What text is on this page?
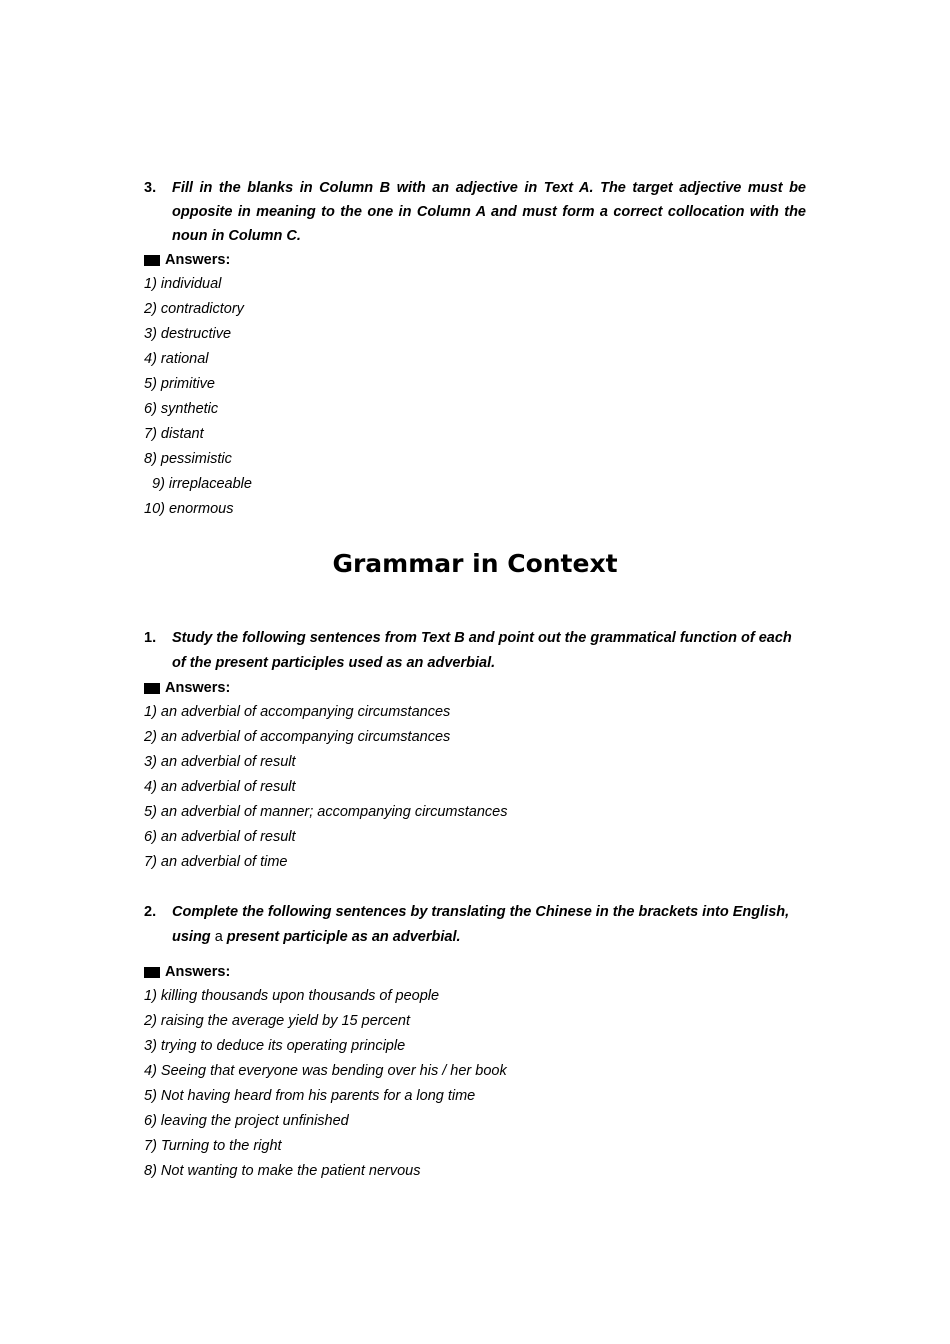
3. Fill in the blanks in Column B with an adjective in Text A. The target adjective must be opposite in meaning to the one in Column A and must form a correct collocation with the noun in Column C.
Answers:
1) individual
2) contradictory
3) destructive
4) rational
5) primitive
6) synthetic
7) distant
8) pessimistic
9) irreplaceable
10) enormous
Grammar in Context
1. Study the following sentences from Text B and point out the grammatical function of each of the present participles used as an adverbial.
Answers:
1) an adverbial of accompanying circumstances
2) an adverbial of accompanying circumstances
3) an adverbial of result
4) an adverbial of result
5) an adverbial of manner; accompanying circumstances
6) an adverbial of result
7) an adverbial of time
2. Complete the following sentences by translating the Chinese in the brackets into English, using a present participle as an adverbial.
Answers:
1) killing thousands upon thousands of people
2) raising the average yield by 15 percent
3) trying to deduce its operating principle
4) Seeing that everyone was bending over his / her book
5) Not having heard from his parents for a long time
6) leaving the project unfinished
7) Turning to the right
8) Not wanting to make the patient nervous
